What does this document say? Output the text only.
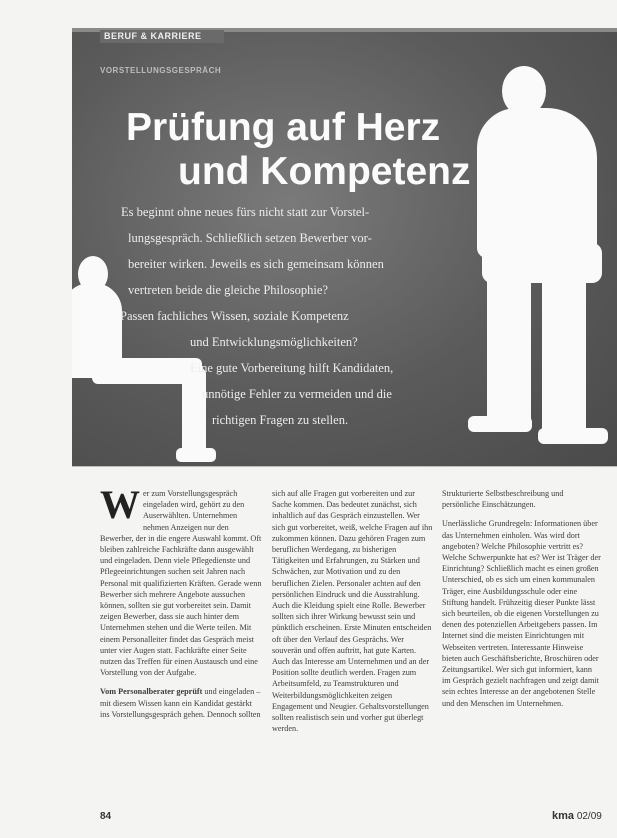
BERUF & KARRIERE
VORSTELLUNGSGESPRÄCH
Prüfung auf Herz
und Kompetenz
Es beginnt ohne neues fürs nicht statt zur Vorstel-
lungsgespräch. Schließlich setzen Bewerber vor-
bereiter wirken. Jeweils es sich gemeinsam können
vertreten beide die gleiche Philosophie?
Passen fachliches Wissen, soziale Kompetenz
und Entwicklungsmöglichkeiten?
Eine gute Vorbereitung hilft Kandidaten,
unnötige Fehler zu vermeiden und die
richtigen Fragen zu stellen.

Wer zum Vorstellungsgespräch eingeladen wird, gehört zu den Auserwählten. Unternehmen nehmen Anzeigen nur den Bewerber, der in die engere Auswahl kommt. Oft bleiben zahlreiche Fachkräfte dann ausgewählt und eingeladen. Denn viele Pflegedienste und Pflegeeinrichtungen suchen seit Jahren nach Personal mit qualifizierten Kräften. Gerade wenn Bewerber sich mehrere Angebote aussuchen können, sollten sie gut vorbereitet sein. Damit zeigen Bewerber, dass sie auch hinter dem Unternehmen stehen und die Werte teilen. Mit einem Personalleiter findet das Gespräch meist unter vier Augen statt. Fachkräfte einer Seite nutzen das Treffen für einen Austausch und eine Vorstellung von der Aufgabe.

Vom Personalberater geprüft und eingeladen – mit diesem Wissen kann ein Kandidat gestärkt ins Vorstellungsgespräch gehen. Dennoch sollten

sich auf alle Fragen gut vorbereiten und zur Sache kommen. Das bedeutet zunächst, sich inhaltlich auf das Gespräch einzustellen. Wer sich gut vorbereitet, weiß, welche Fragen auf ihn zukommen können. Dazu gehören Fragen zum beruflichen Werdegang, zu bisherigen Tätigkeiten und Erfahrungen, zu Stärken und Schwächen, zur Motivation und zu den beruflichen Zielen. Personaler achten auf den persönlichen Eindruck und die Ausstrahlung. Auch die Kleidung spielt eine Rolle. Bewerber sollten sich ihrer Wirkung bewusst sein und pünktlich erscheinen. Erste Minuten entscheiden oft über den Verlauf des Gesprächs. Wer souverän und offen auftritt, hat gute Karten. Auch das Interesse am Unternehmen und an der Position sollte deutlich werden. Fragen zum Arbeitsumfeld, zu Teamstrukturen und Weiterbildungsmöglichkeiten zeigen Engagement und Neugier. Gehaltsvorstellungen sollten realistisch sein und vorher gut überlegt werden.

Strukturierte Selbstbeschreibung und persönliche Einschätzungen.

Unerlässliche Grundregeln: Informationen über das Unternehmen einholen. Was wird dort angeboten? Welche Philosophie vertritt es? Welche Schwerpunkte hat es? Wer ist Träger der Einrichtung? Schließlich macht es einen großen Unterschied, ob es sich um einen kommunalen Träger, eine Ausbildungsschule oder eine Stiftung handelt. Frühzeitig dieser Punkte lässt sich beurteilen, ob die eigenen Vorstellungen zu denen des potenziellen Arbeitgebers passen. Im Internet sind die meisten Einrichtungen mit Webseiten vertreten. Interessante Hinweise bieten auch Geschäftsberichte, Broschüren oder Zeitungsartikel. Wer sich gut informiert, kann im Gespräch gezielt nachfragen und zeigt damit sein echtes Interesse an der angebotenen Stelle und den Menschen im Unternehmen.

84	kma 02/09
